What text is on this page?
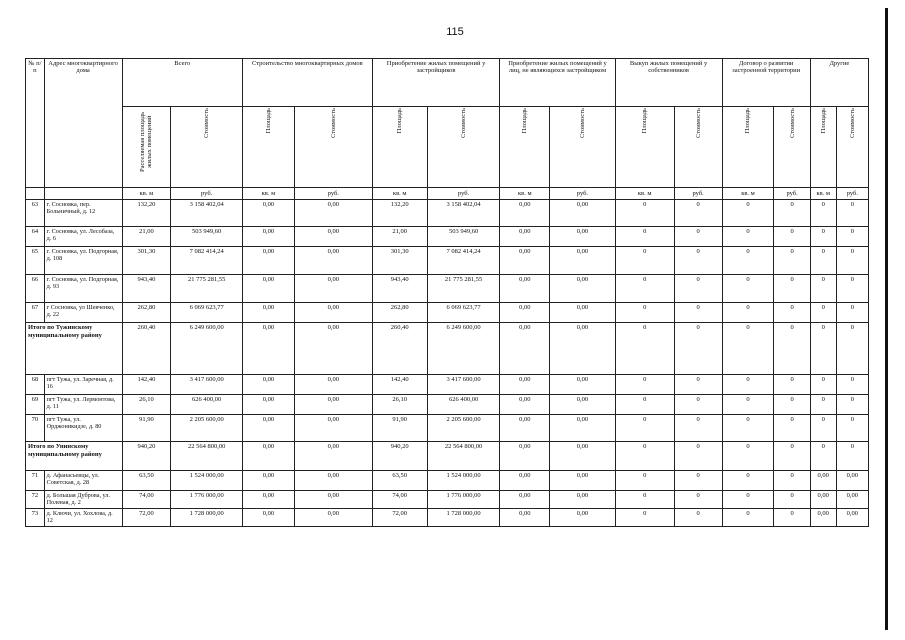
115
№ п/п	Адрес многоквартирного дома	Всего		Строительство многоквартирных домов		Приобретение жилых помещений у застройщиков		Приобретение жилых помещений у лиц, не являющихся застройщиком		Выкуп жилых помещений у собственников		Договор о развитии застроенной территории		Другие	
		Расселяемая площадь жилых помещений	Стоимость	Площадь	Стоимость	Площадь	Стоимость	Площадь	Стоимость	Площадь	Стоимость	Площадь	Стоимость	Площадь	Стоимость
		кв. м	руб.	кв. м	руб.	кв. м	руб.	кв. м	руб.	кв. м	руб.	кв. м	руб.	кв. м	руб.
63	г. Сосновка, пер. Больничный, д. 12	132,20	3 158 402,04	0,00	0,00	132,20	3 158 402,04	0,00	0,00	0	0	0	0	0	0
64	г. Сосновка, ул. Лесобаза, д. 6	21,00	503 949,60	0,00	0,00	21,00	503 949,60	0,00	0,00	0	0	0	0	0	0
65	г. Сосновка, ул. Подгорная, д. 108	301,30	7 082 414,24	0,00	0,00	301,30	7 082 414,24	0,00	0,00	0	0	0	0	0	0
66	г. Сосновка, ул. Подгорная, д. 93	943,40	21 775 281,55	0,00	0,00	943,40	21 775 281,55	0,00	0,00	0	0	0	0	0	0
67	г Сосновка, ул Шевченко, д. 22	262,80	6 069 623,77	0,00	0,00	262,80	6 069 623,77	0,00	0,00	0	0	0	0	0	0
Итого по Тужинскому муниципальному району		260,40	6 249 600,00	0,00	0,00	260,40	6 249 600,00	0,00	0,00	0	0	0	0	0	0
68	пгт Тужа, ул. Заречная, д. 16	142,40	3 417 600,00	0,00	0,00	142,40	3 417 600,00	0,00	0,00	0	0	0	0	0	0
69	пгт Тужа, ул. Лермонтова, д. 11	26,10	626 400,00	0,00	0,00	26,10	626 400,00	0,00	0,00	0	0	0	0	0	0
70	пгт Тужа, ул. Орджоникидзе, д. 80	91,90	2 205 600,00	0,00	0,00	91,90	2 205 600,00	0,00	0,00	0	0	0	0	0	0
Итого по Унинскому муниципальному району		940,20	22 564 800,00	0,00	0,00	940,20	22 564 800,00	0,00	0,00	0	0	0	0	0	0
71	д. Афанасьевцы, ул. Советская, д. 28	63,50	1 524 000,00	0,00	0,00	63,50	1 524 000,00	0,00	0,00	0	0	0	0	0,00	0,00
72	д. Большая Дуброва, ул. Полевая, д. 2	74,00	1 776 000,00	0,00	0,00	74,00	1 776 000,00	0,00	0,00	0	0	0	0	0,00	0,00
73	д. Ключи, ул. Хохлова, д. 12	72,00	1 728 000,00	0,00	0,00	72,00	1 728 000,00	0,00	0,00	0	0	0	0	0,00	0,00
